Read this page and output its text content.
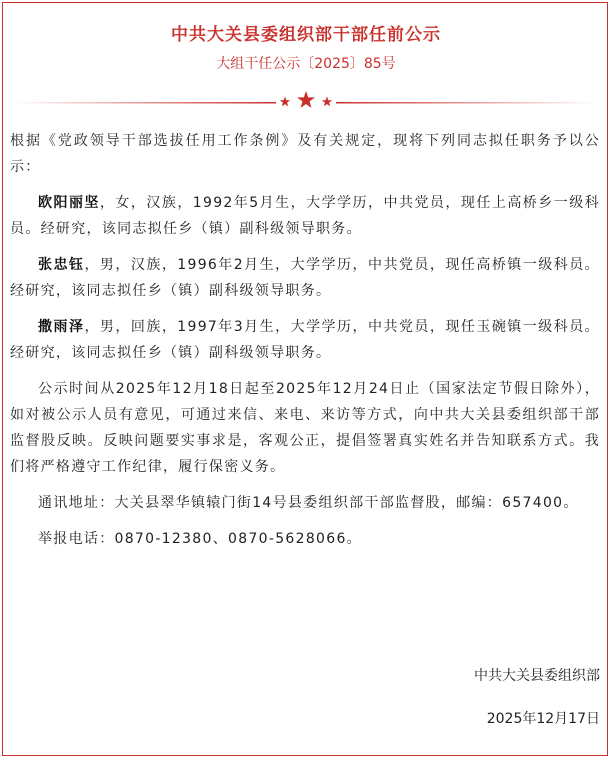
中共大关县委组织部干部任前公示
大组干任公示〔2025〕85号

根据《党政领导干部选拔任用工作条例》及有关规定，现将下列同志拟任职务予以公示：

欧阳丽坚，女，汉族，1992年5月生，大学学历，中共党员，现任上高桥乡一级科员。经研究，该同志拟任乡（镇）副科级领导职务。

张忠钰，男，汉族，1996年2月生，大学学历，中共党员，现任高桥镇一级科员。经研究，该同志拟任乡（镇）副科级领导职务。

撒雨泽，男，回族，1997年3月生，大学学历，中共党员，现任玉碗镇一级科员。经研究，该同志拟任乡（镇）副科级领导职务。

公示时间从2025年12月18日起至2025年12月24日止（国家法定节假日除外），如对被公示人员有意见，可通过来信、来电、来访等方式，向中共大关县委组织部干部监督股反映。反映问题要实事求是，客观公正，提倡签署真实姓名并告知联系方式。我们将严格遵守工作纪律，履行保密义务。

通讯地址：大关县翠华镇辕门街14号县委组织部干部监督股，邮编：657400。

举报电话：0870-12380、0870-5628066。

中共大关县委组织部
2025年12月17日
